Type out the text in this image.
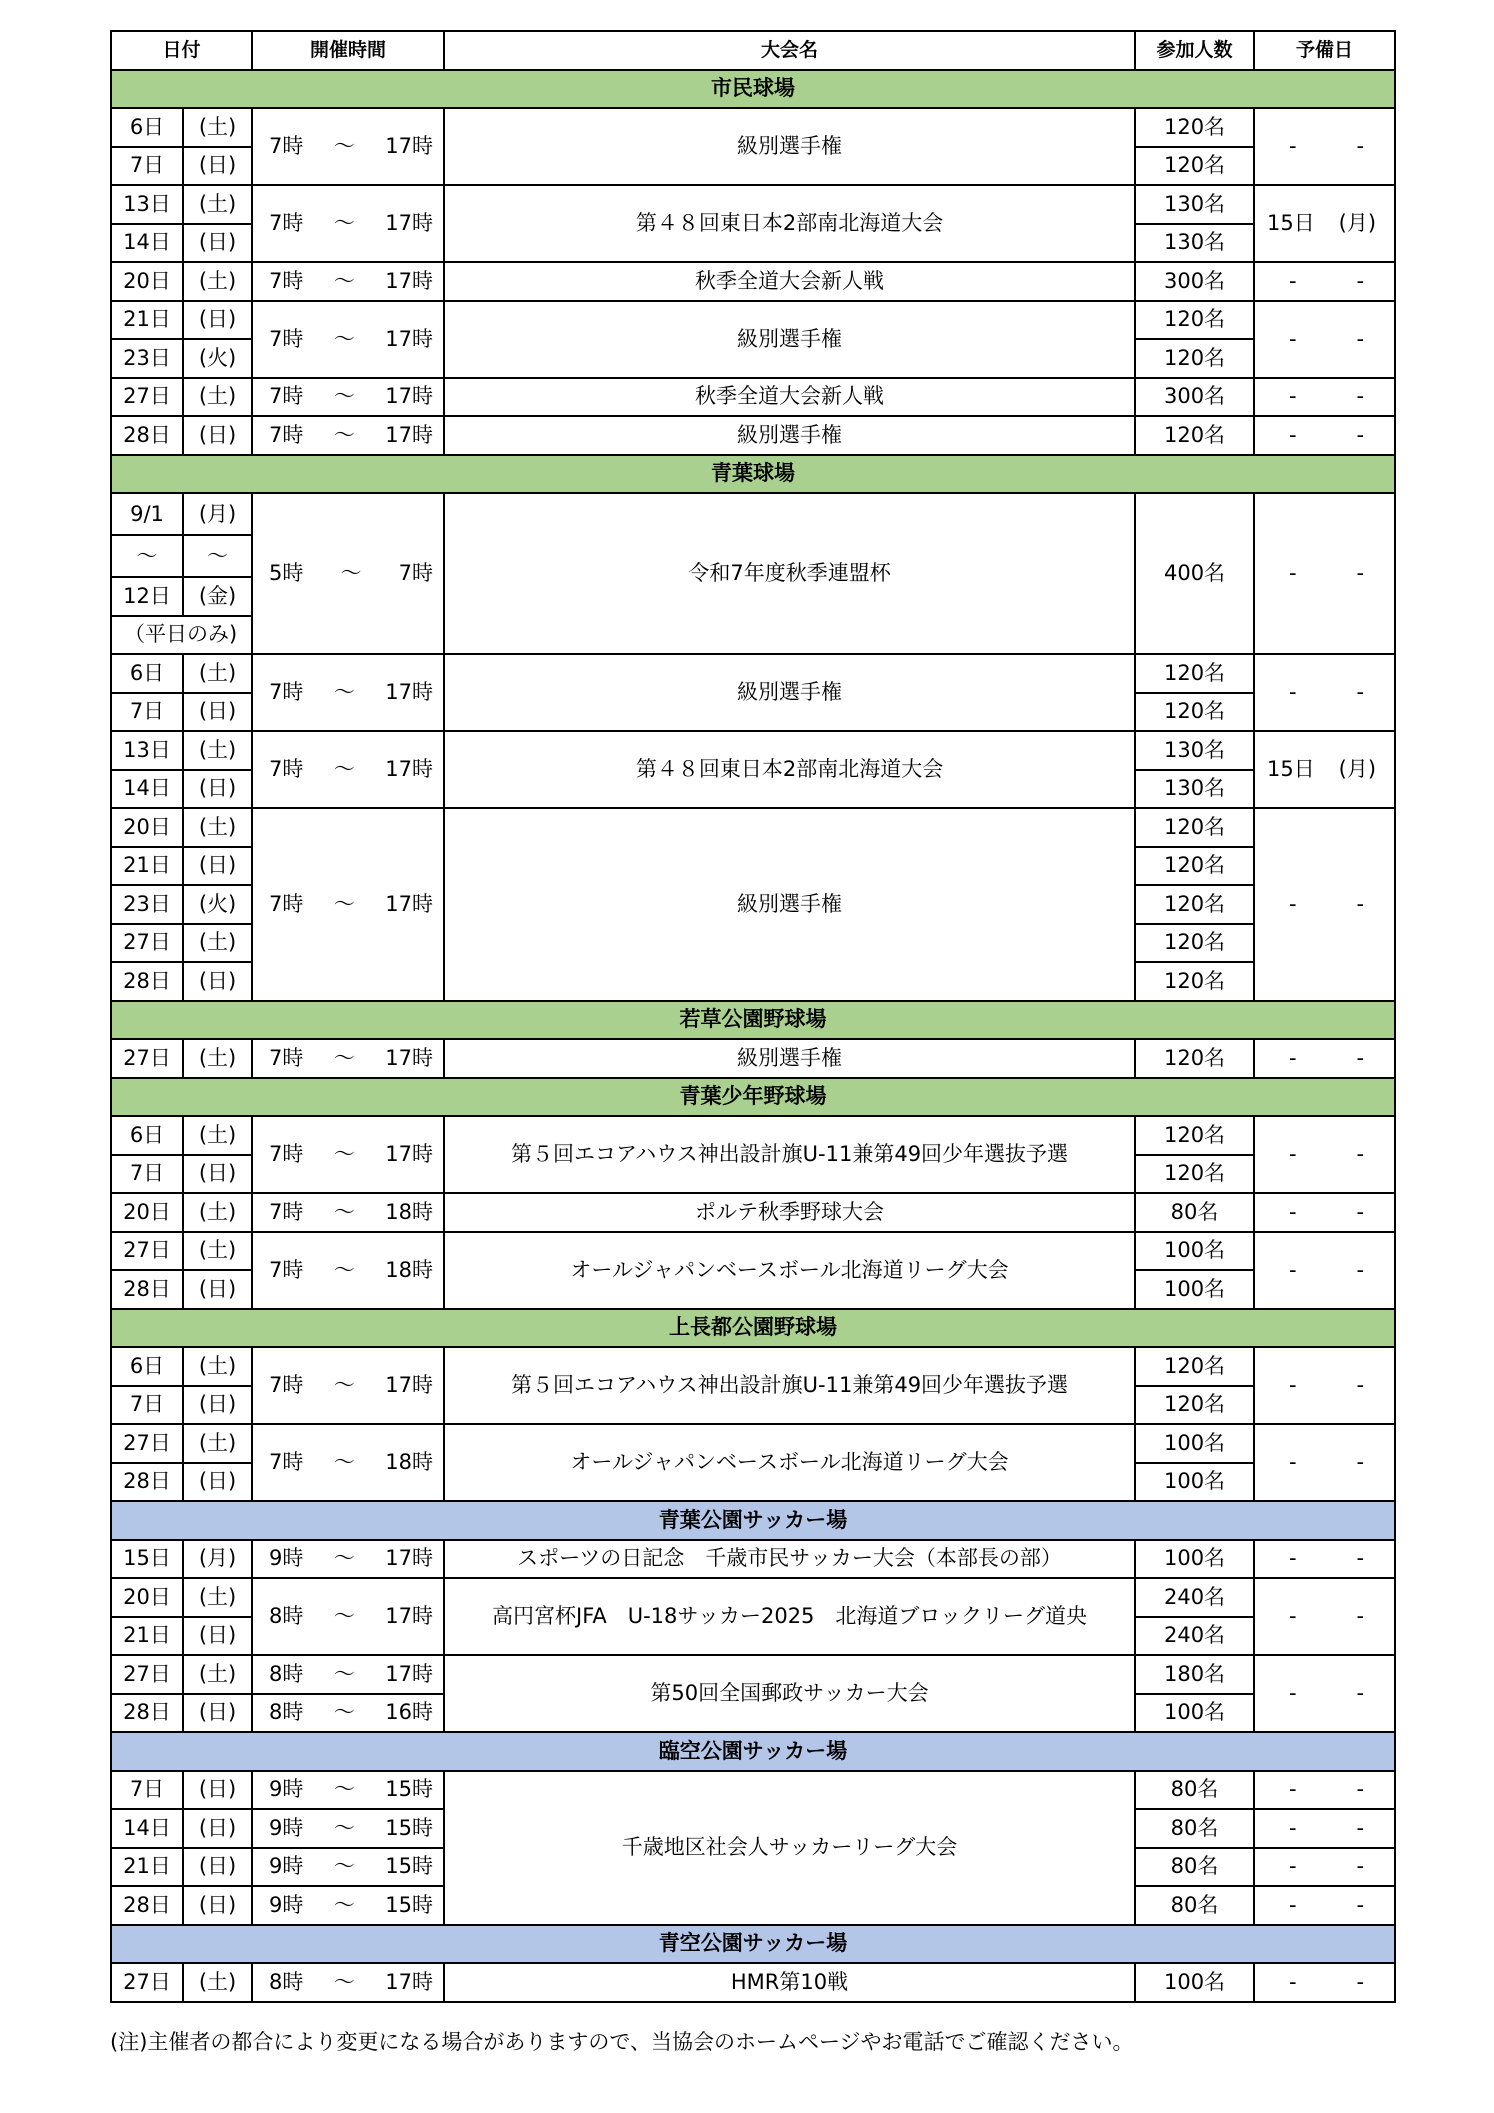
日付		開催時間	大会名	参加人数	予備日
市民球場					
6日	(土)	7時 ～ 17時	級別選手権	120名	- -

7日	(日)			120名	
13日	(土)	7時 ～ 17時	第４８回東日本2部南北海道大会	130名	15日 (月)

14日	(日)			130名	
20日	(土)	7時 ～ 17時	秋季全道大会新人戦	300名	- -

21日	(日)	7時 ～ 17時	級別選手権	120名	- -

23日	(火)			120名	
27日	(土)	7時 ～ 17時	秋季全道大会新人戦	300名	- -

28日	(日)	7時 ～ 17時	級別選手権	120名	- -

青葉球場					
9/1	(月)	5時 ～ 7時	令和7年度秋季連盟杯	400名	- -

～	～				
12日	(金)				
（平日のみ)					
6日	(土)	7時 ～ 17時	級別選手権	120名	- -

7日	(日)			120名	
13日	(土)	7時 ～ 17時	第４８回東日本2部南北海道大会	130名	15日 (月)

14日	(日)			130名	
20日	(土)	7時 ～ 17時	級別選手権	120名	- -

21日	(日)			120名	
23日	(火)			120名	
27日	(土)			120名	
28日	(日)			120名	
若草公園野球場					
27日	(土)	7時 ～ 17時	級別選手権	120名	- -

青葉少年野球場					
6日	(土)	7時 ～ 17時	第５回エコアハウス神出設計旗U-11兼第49回少年選抜予選	120名	- -

7日	(日)			120名	
20日	(土)	7時 ～ 18時	ポルテ秋季野球大会	80名	- -

27日	(土)	7時 ～ 18時	オールジャパンベースボール北海道リーグ大会	100名	- -

28日	(日)			100名	
上長都公園野球場					
6日	(土)	7時 ～ 17時	第５回エコアハウス神出設計旗U-11兼第49回少年選抜予選	120名	- -

7日	(日)			120名	
27日	(土)	7時 ～ 18時	オールジャパンベースボール北海道リーグ大会	100名	- -

28日	(日)			100名	
青葉公園サッカー場					
15日	(月)	9時 ～ 17時	スポーツの日記念　千歳市民サッカー大会（本部長の部）	100名	- -

20日	(土)	8時 ～ 17時	高円宮杯JFA　U-18サッカー2025　北海道ブロックリーグ道央	240名	- -

21日	(日)			240名	
27日	(土)	8時 ～ 17時	第50回全国郵政サッカー大会	180名	- -

28日	(日)	8時 ～ 16時		100名	
臨空公園サッカー場					
7日	(日)	9時 ～ 15時	千歳地区社会人サッカーリーグ大会	80名	- -

14日	(日)	9時 ～ 15時		80名	- -

21日	(日)	9時 ～ 15時		80名	- -

28日	(日)	9時 ～ 15時		80名	- -

青空公園サッカー場					
27日	(土)	8時 ～ 17時	HMR第10戦	100名	- -
(注)主催者の都合により変更になる場合がありますので、当協会のホームページやお電話でご確認ください。
